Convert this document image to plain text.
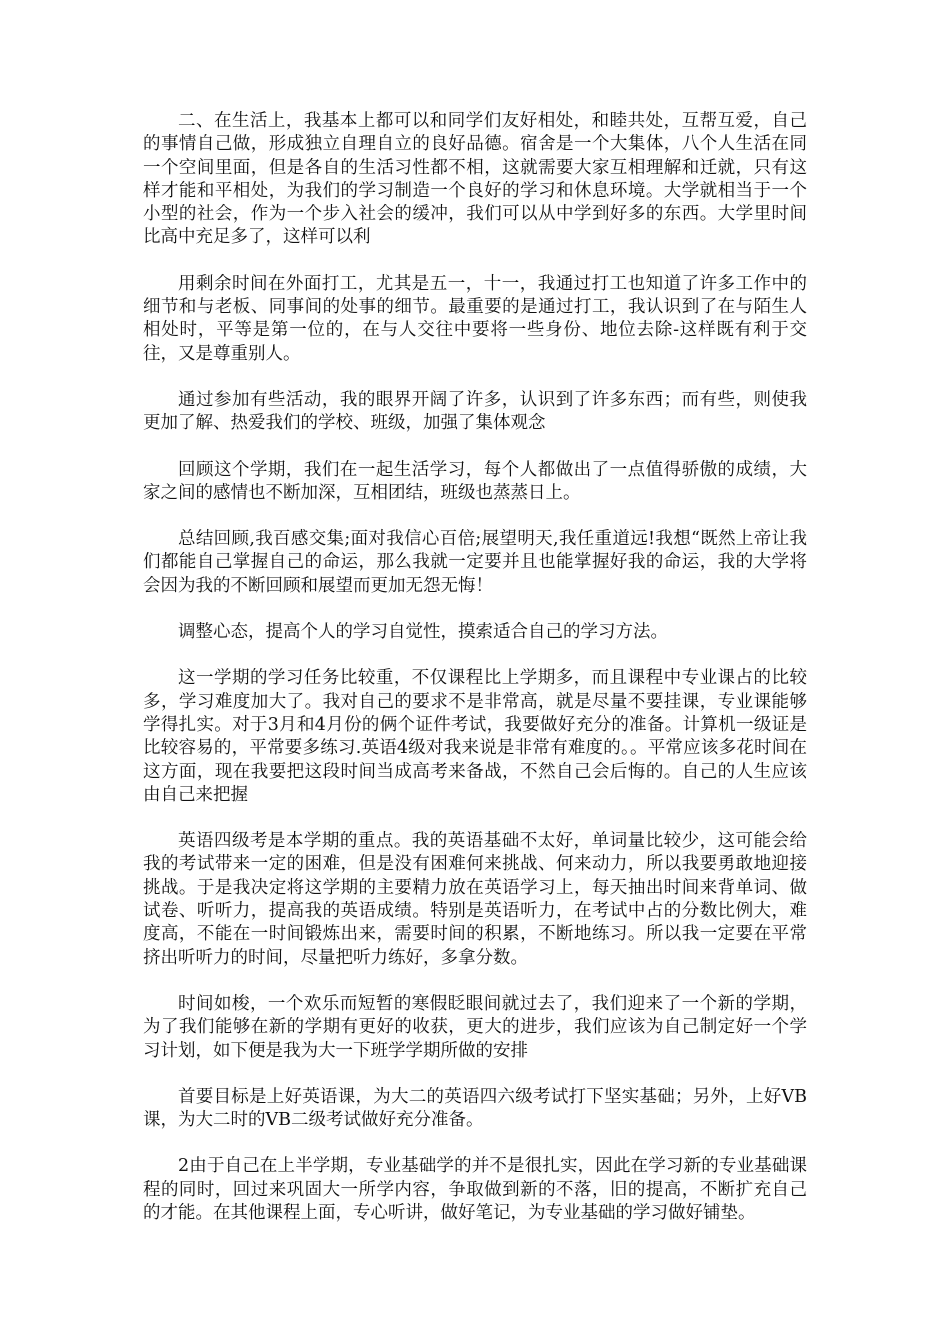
二、在生活上，我基本上都可以和同学们友好相处，和睦共处，互帮互爱，自己的事情自己做，形成独立自理自立的良好品德。宿舍是一个大集体，八个人生活在同一个空间里面，但是各自的生活习性都不相，这就需要大家互相理解和迁就，只有这样才能和平相处，为我们的学习制造一个良好的学习和休息环境。大学就相当于一个小型的社会，作为一个步入社会的缓冲，我们可以从中学到好多的东西。大学里时间比高中充足多了，这样可以利

用剩余时间在外面打工，尤其是五一，十一，我通过打工也知道了许多工作中的细节和与老板、同事间的处事的细节。最重要的是通过打工，我认识到了在与陌生人相处时，平等是第一位的，在与人交往中要将一些身份、地位去除-这样既有利于交往，又是尊重别人。

通过参加有些活动，我的眼界开阔了许多，认识到了许多东西；而有些，则使我更加了解、热爱我们的学校、班级，加强了集体观念

回顾这个学期，我们在一起生活学习，每个人都做出了一点值得骄傲的成绩，大家之间的感情也不断加深，互相团结，班级也蒸蒸日上。

总结回顾,我百感交集;面对我信心百倍;展望明天,我任重道远!我想“既然上帝让我们都能自己掌握自己的命运，那么我就一定要并且也能掌握好我的命运，我的大学将会因为我的不断回顾和展望而更加无怨无悔！

调整心态，提高个人的学习自觉性，摸索适合自己的学习方法。

这一学期的学习任务比较重，不仅课程比上学期多，而且课程中专业课占的比较多，学习难度加大了。我对自己的要求不是非常高，就是尽量不要挂课，专业课能够学得扎实。对于3月和4月份的俩个证件考试，我要做好充分的准备。计算机一级证是比较容易的，平常要多练习.英语4级对我来说是非常有难度的。。平常应该多花时间在这方面，现在我要把这段时间当成高考来备战，不然自己会后悔的。自己的人生应该由自己来把握

英语四级考是本学期的重点。我的英语基础不太好，单词量比较少，这可能会给我的考试带来一定的困难，但是没有困难何来挑战、何来动力，所以我要勇敢地迎接挑战。于是我决定将这学期的主要精力放在英语学习上，每天抽出时间来背单词、做试卷、听听力，提高我的英语成绩。特别是英语听力，在考试中占的分数比例大，难度高，不能在一时间锻炼出来，需要时间的积累，不断地练习。所以我一定要在平常挤出听听力的时间，尽量把听力练好，多拿分数。

时间如梭，一个欢乐而短暂的寒假眨眼间就过去了，我们迎来了一个新的学期，为了我们能够在新的学期有更好的收获，更大的进步，我们应该为自己制定好一个学习计划，如下便是我为大一下班学学期所做的安排

首要目标是上好英语课，为大二的英语四六级考试打下坚实基础；另外，上好VB课，为大二时的VB二级考试做好充分准备。

2由于自己在上半学期，专业基础学的并不是很扎实，因此在学习新的专业基础课程的同时，回过来巩固大一所学内容，争取做到新的不落，旧的提高，不断扩充自己的才能。在其他课程上面，专心听讲，做好笔记，为专业基础的学习做好铺垫。
